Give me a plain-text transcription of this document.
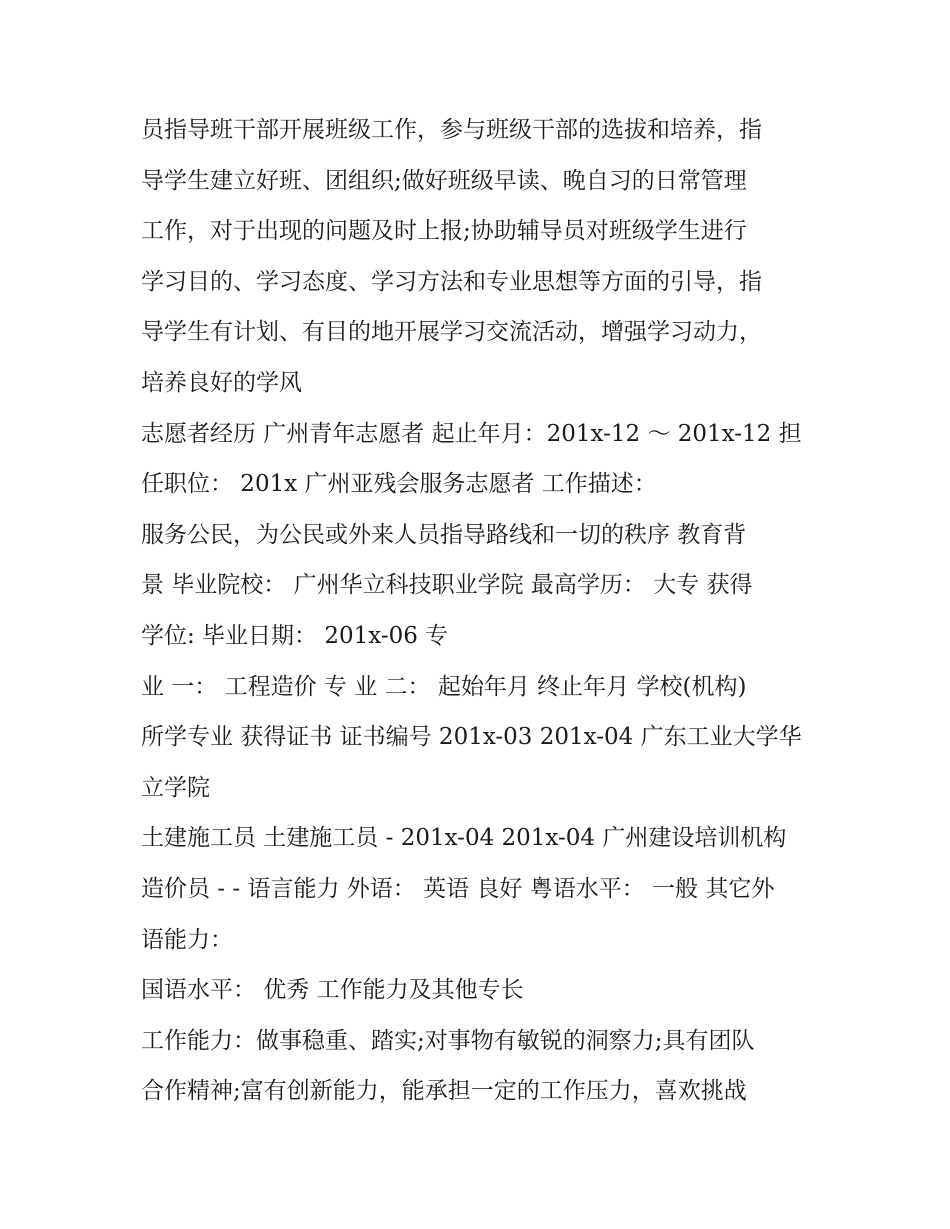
员指导班干部开展班级工作，参与班级干部的选拔和培养，指
导学生建立好班、团组织;做好班级早读、晚自习的日常管理
工作，对于出现的问题及时上报;协助辅导员对班级学生进行
学习目的、学习态度、学习方法和专业思想等方面的引导，指
导学生有计划、有目的地开展学习交流活动，增强学习动力，
培养良好的学风
志愿者经历 广州青年志愿者 起止年月：201x-12 ～ 201x-12 担
任职位： 201x 广州亚残会服务志愿者 工作描述：
服务公民，为公民或外来人员指导路线和一切的秩序 教育背
景 毕业院校： 广州华立科技职业学院 最高学历： 大专 获得
学位: 毕业日期： 201x-06 专
业 一： 工程造价 专 业 二： 起始年月 终止年月 学校(机构)
所学专业 获得证书 证书编号 201x-03 201x-04 广东工业大学华
立学院
土建施工员 土建施工员 - 201x-04 201x-04 广州建设培训机构
造价员 - - 语言能力 外语： 英语 良好 粤语水平： 一般 其它外
语能力：
国语水平： 优秀 工作能力及其他专长
工作能力：做事稳重、踏实;对事物有敏锐的洞察力;具有团队
合作精神;富有创新能力，能承担一定的工作压力，喜欢挑战
